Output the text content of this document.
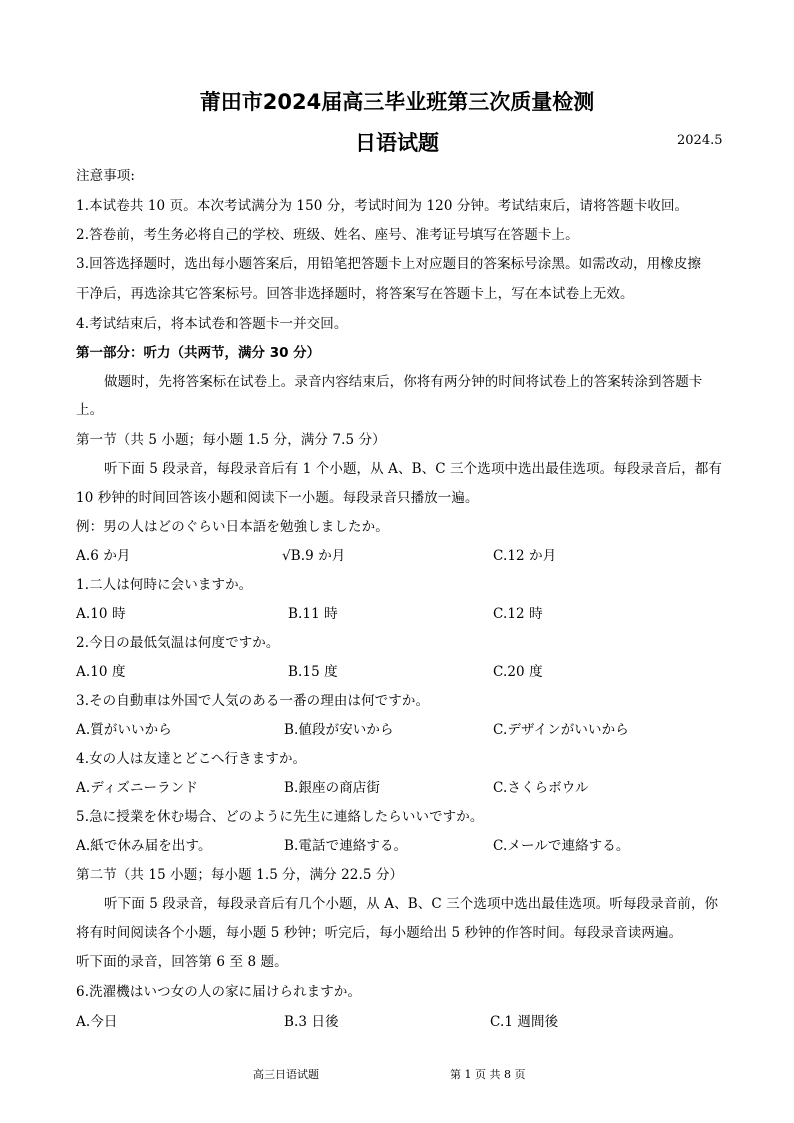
莆田市2024届高三毕业班第三次质量检测
日语试题	2024.5
注意事项:
1.本试卷共 10 页。本次考试满分为 150 分，考试时间为 120 分钟。考试结束后，请将答题卡收回。
2.答卷前，考生务必将自己的学校、班级、姓名、座号、准考证号填写在答题卡上。
3.回答选择题时，选出每小题答案后，用铅笔把答题卡上对应题目的答案标号涂黑。如需改动，用橡皮擦
干净后，再选涂其它答案标号。回答非选择题时，将答案写在答题卡上，写在本试卷上无效。
4.考试结束后，将本试卷和答题卡一并交回。
第一部分：听力（共两节，满分 30 分）
做题时，先将答案标在试卷上。录音内容结束后，你将有两分钟的时间将试卷上的答案转涂到答题卡
上。
第一节（共 5 小题；每小题 1.5 分，满分 7.5 分）
听下面 5 段录音，每段录音后有 1 个小题，从 A、B、C 三个选项中选出最佳选项。每段录音后，都有
10 秒钟的时间回答该小题和阅读下一小题。每段录音只播放一遍。
例：男の人はどのぐらい日本語を勉強しましたか。
A.6 か月	√B.9 か月	C.12 か月
1.二人は何時に会いますか。
A.10 時	B.11 時	C.12 時
2.今日の最低気温は何度ですか。
A.10 度	B.15 度	C.20 度
3.その自動車は外国で人気のある一番の理由は何ですか。
A.質がいいから	B.値段が安いから	C.デザインがいいから
4.女の人は友達とどこへ行きますか。
A.ディズニーランド	B.銀座の商店街	C.さくらボウル
5.急に授業を休む場合、どのように先生に連絡したらいいですか。
A.紙で休み届を出す。	B.電話で連絡する。	C.メールで連絡する。
第二节（共 15 小题；每小题 1.5 分，满分 22.5 分）
听下面 5 段录音，每段录音后有几个小题，从 A、B、C 三个选项中选出最佳选项。听每段录音前，你
将有时间阅读各个小题，每小题 5 秒钟；听完后，每小题给出 5 秒钟的作答时间。每段录音读两遍。
听下面的录音，回答第 6 至 8 题。
6.洗濯機はいつ女の人の家に届けられますか。
A.今日	B.3 日後	C.1 週間後
高三日语试题	第 1 页 共 8 页
